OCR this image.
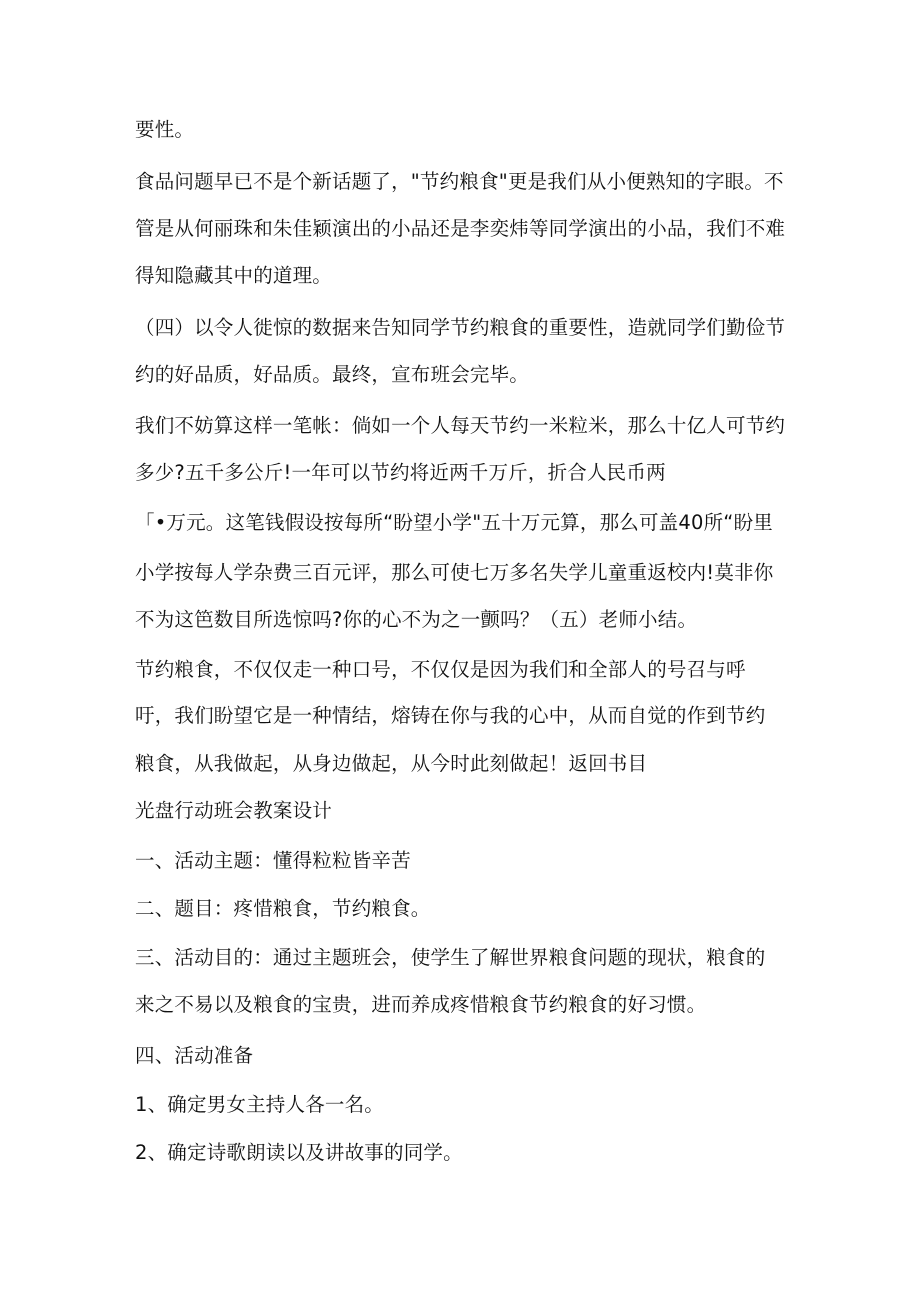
要性。
食品问题早已不是个新话题了，"节约粮食"更是我们从小便熟知的字眼。不
管是从何丽珠和朱佳颖演出的小品还是李奕炜等同学演出的小品，我们不难
得知隐藏其中的道理。
（四）以令人徙惊的数据来告知同学节约粮食的重要性，造就同学们勤俭节
约的好品质，好品质。最终，宣布班会完毕。
我们不妨算这样一笔帐：倘如一个人每天节约一米粒米，那么十亿人可节约
多少?五千多公斤!一年可以节约将近两千万斤，折合人民币两
「•万元。这笔钱假设按每所“盼望小学"五十万元算，那么可盖40所“盼里
小学按每人学杂费三百元评，那么可使七万多名失学儿童重返校内!莫非你
不为这笆数目所选惊吗?你的心不为之一颤吗？（五）老师小结。
节约粮食，不仅仅走一种口号，不仅仅是因为我们和全部人的号召与呼
吁，我们盼望它是一种情结，熔铸在你与我的心中，从而自觉的作到节约
粮食，从我做起，从身边做起，从今时此刻做起！返回书目
光盘行动班会教案设计
一、活动主题：懂得粒粒皆辛苦
二、题目：疼惜粮食，节约粮食。
三、活动目的：通过主题班会，使学生了解世界粮食问题的现状，粮食的
来之不易以及粮食的宝贵，进而养成疼惜粮食节约粮食的好习惯。
四、活动准备
1、确定男女主持人各一名。
2、确定诗歌朗读以及讲故事的同学。
